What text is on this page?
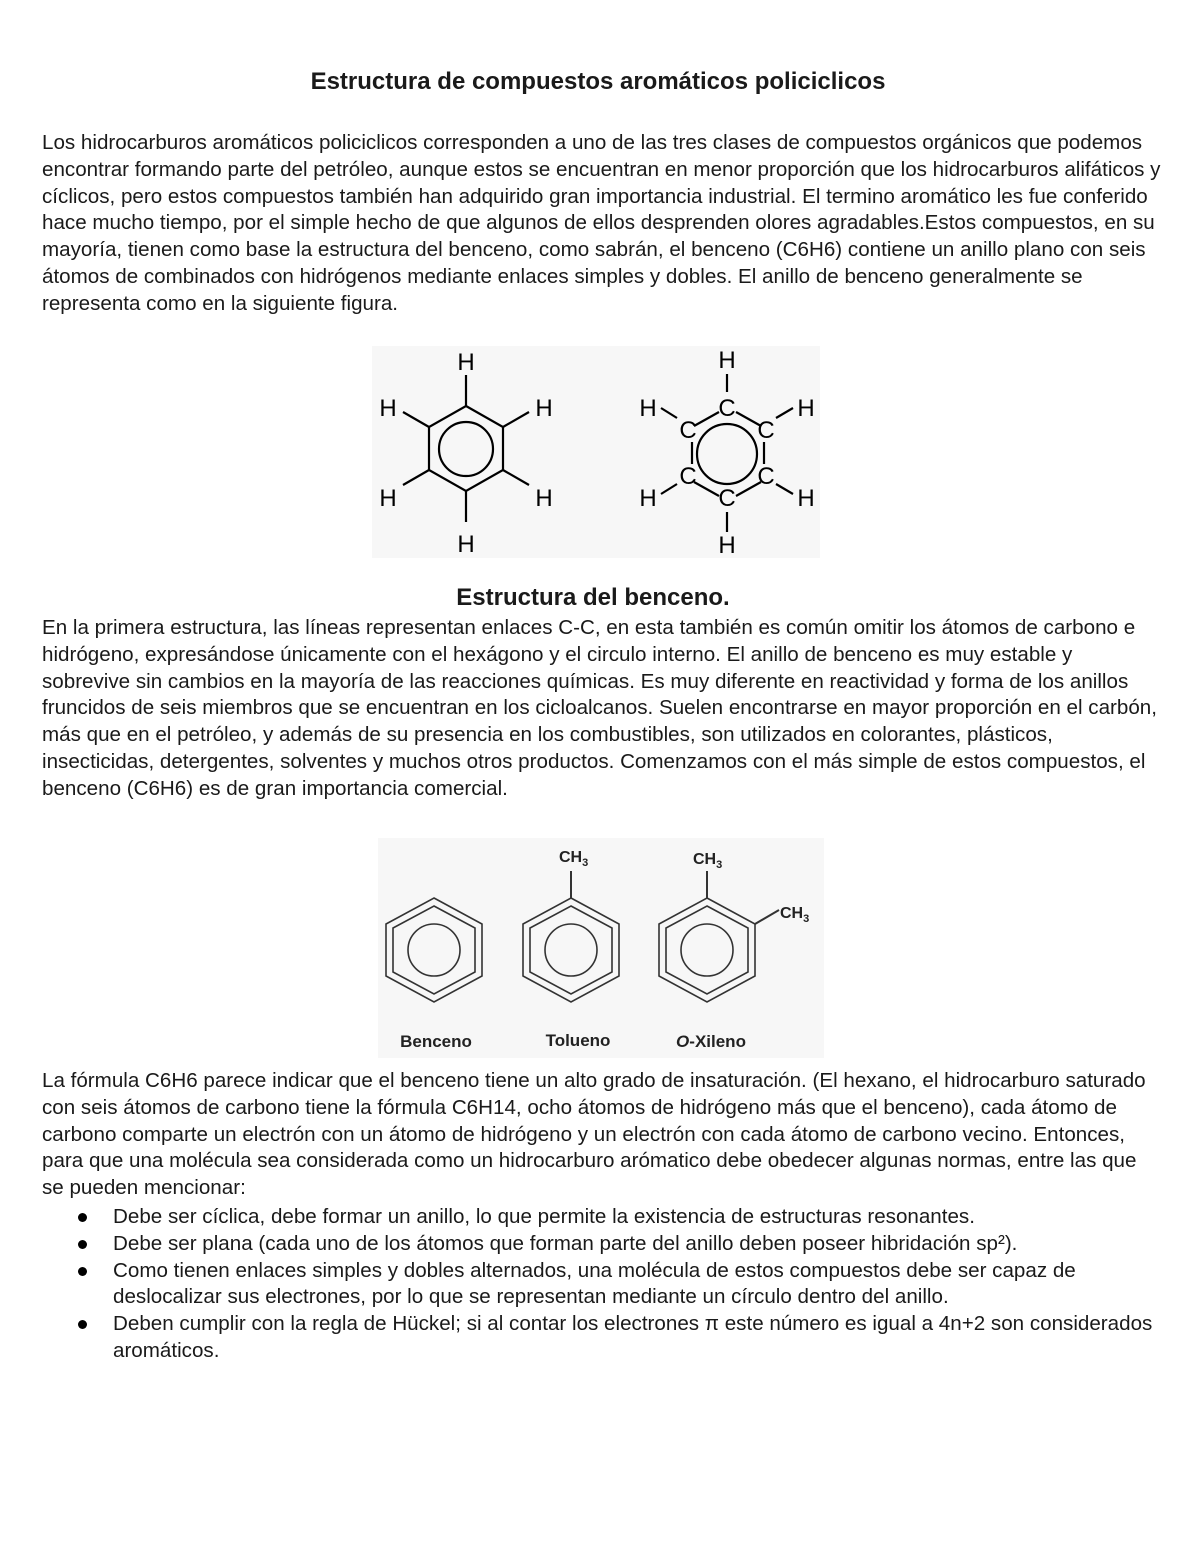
Estructura de compuestos aromáticos policiclicos

Los hidrocarburos aromáticos policiclicos corresponden a uno de las tres clases de compuestos orgánicos que podemos encontrar formando parte del petróleo, aunque estos se encuentran en menor proporción que los hidrocarburos alifáticos y cíclicos, pero estos compuestos también han adquirido gran importancia industrial. El termino aromático les fue conferido hace mucho tiempo, por el simple hecho de que algunos de ellos desprenden olores agradables.Estos compuestos, en su mayoría, tienen como base la estructura del benceno, como sabrán, el benceno (C6H6) contiene un anillo plano con seis átomos de combinados con hidrógenos mediante enlaces simples y dobles. El anillo de benceno generalmente se representa como en la siguiente figura.

H
H
H
H
H
H
H
H	H
H	H
H
C
C	C
C	C
C
Estructura del benceno.

En la primera estructura, las líneas representan enlaces C-C, en esta también es común omitir los átomos de carbono e hidrógeno, expresándose únicamente con el hexágono y el circulo interno. El anillo de benceno es muy estable y sobrevive sin cambios en la mayoría de las reacciones químicas. Es muy diferente en reactividad y forma de los anillos fruncidos de seis miembros que se encuentran en los cicloalcanos. Suelen encontrarse en mayor proporción en el carbón, más que en el petróleo, y además de su presencia en los combustibles, son utilizados en colorantes, plásticos, insecticidas, detergentes, solventes y muchos otros productos. Comenzamos con el más simple de estos compuestos, el benceno (C6H6) es de gran importancia comercial.

$CH_3$	$CH_3$
$CH_3$
Benceno	Tolueno	O-Xileno

La fórmula C6H6 parece indicar que el benceno tiene un alto grado de insaturación. (El hexano, el hidrocarburo saturado con seis átomos de carbono tiene la fórmula C6H14, ocho átomos de hidrógeno más que el benceno), cada átomo de carbono comparte un electrón con un átomo de hidrógeno y un electrón con cada átomo de carbono vecino. Entonces, para que una molécula sea considerada como un hidrocarburo arómatico debe obedecer algunas normas, entre las que se pueden mencionar:

Debe ser cíclica, debe formar un anillo, lo que permite la existencia de estructuras resonantes.
Debe ser plana (cada uno de los átomos que forman parte del anillo deben poseer hibridación sp²).
Como tienen enlaces simples y dobles alternados, una molécula de estos compuestos debe ser capaz de deslocalizar sus electrones, por lo que se representan mediante un círculo dentro del anillo.
Deben cumplir con la regla de Hückel; si al contar los electrones π este número es igual a 4n+2 son considerados aromáticos.
